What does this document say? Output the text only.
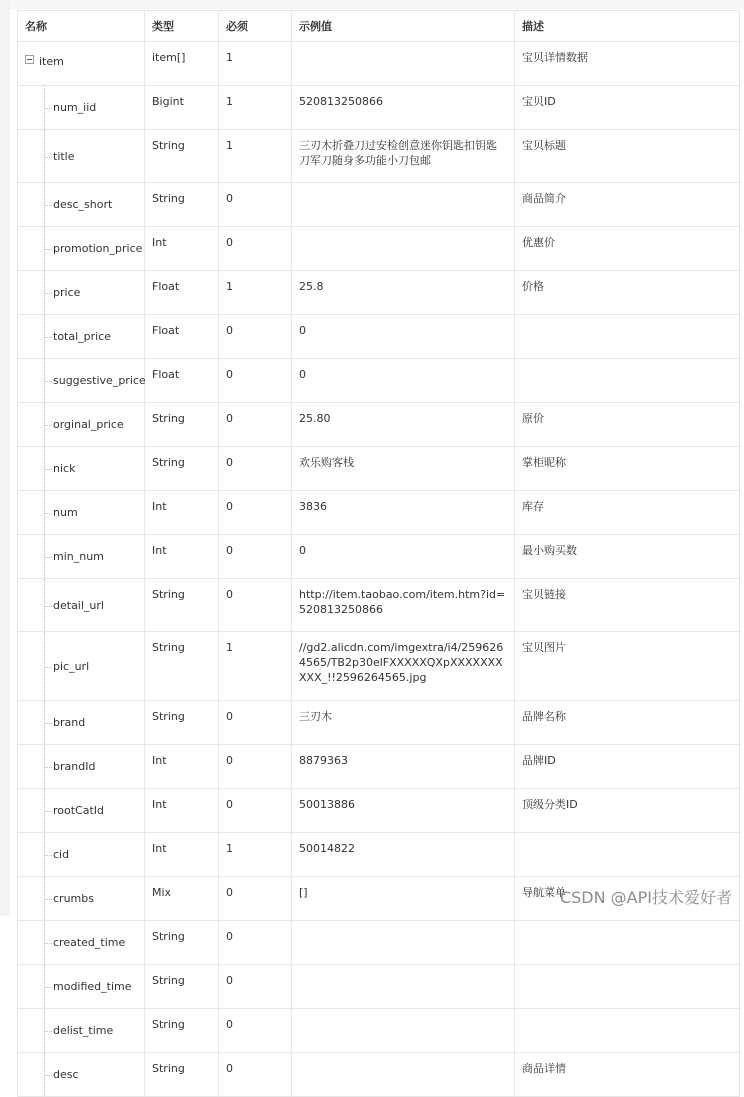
名称	类型	必须	示例值	描述

item	item[]	1		宝贝详情数据

num_iid	Bigint	1	520813250866	宝贝ID

title	String	1	三刃木折叠刀过安检创意迷你钥匙扣钥匙刀军刀随身多功能小刀包邮	宝贝标题

desc_short	String	0		商品简介

promotion_price	Int	0		优惠价

price	Float	1	25.8	价格

total_price	Float	0	0	

suggestive_price	Float	0	0	

orginal_price	String	0	25.80	原价

nick	String	0	欢乐购客栈	掌柜昵称

num	Int	0	3836	库存

min_num	Int	0	0	最小购买数

detail_url	String	0	http://item.taobao.com/item.htm?id=520813250866	宝贝链接

pic_url	String	1	//gd2.alicdn.com/imgextra/i4/2596264565/TB2p30elFXXXXXQXpXXXXXXXXXX_!!2596264565.jpg	宝贝图片

brand	String	0	三刃木	品牌名称

brandId	Int	0	8879363	品牌ID

rootCatId	Int	0	50013886	顶级分类ID

cid	Int	1	50014822	

crumbs	Mix	0	[]	导航菜单

created_time	String	0		

modified_time	String	0		

delist_time	String	0		

desc	String	0		商品详情
CSDN @API技术爱好者
